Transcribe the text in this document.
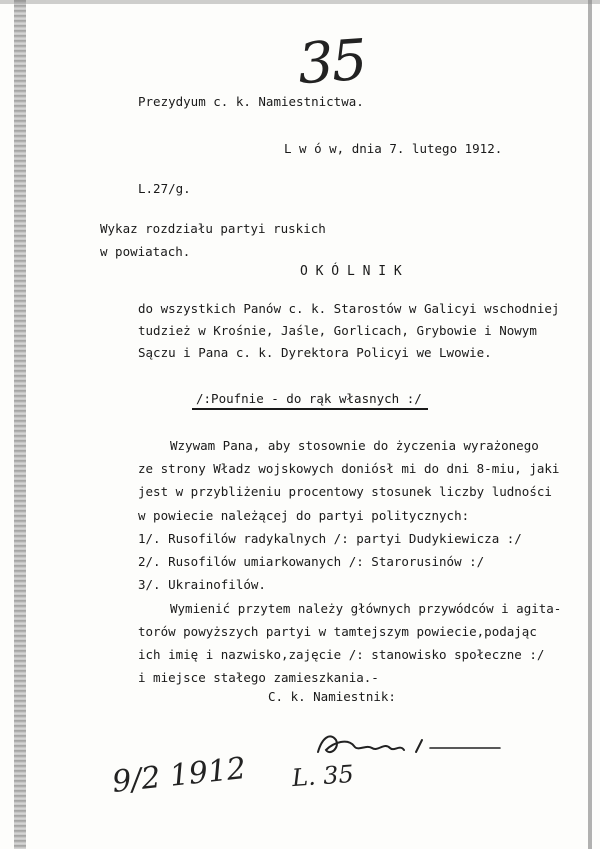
35
Prezydyum c. k. Namiestnictwa.
L w ó w, dnia 7. lutego 1912.
L.27/g.
Wykaz rozdziału partyi ruskich
w powiatach.
O K Ó L N I K
do wszystkich Panów c. k. Starostów w Galicyi wschodniej
tudzież w Krośnie, Jaśle, Gorlicach, Grybowie i Nowym
Sączu i Pana c. k. Dyrektora Policyi we Lwowie.
/:Poufnie - do rąk własnych :/
Wzywam Pana, aby stosownie do życzenia wyrażonego
ze strony Władz wojskowych doniósł mi do dni 8-miu, jaki
jest w przybliżeniu procentowy stosunek liczby ludności
w powiecie należącej do partyi politycznych:
1/. Rusofilów radykalnych /: partyi Dudykiewicza :/
2/. Rusofilów umiarkowanych /: Starorusinów :/
3/. Ukrainofilów.
Wymienić przytem należy głównych przywódców i agita-
torów powyższych partyi w tamtejszym powiecie,podając
ich imię i nazwisko,zajęcie /: stanowisko społeczne :/
i miejsce stałego zamieszkania.-
C. k. Namiestnik:
9/2 1912 L. 35
